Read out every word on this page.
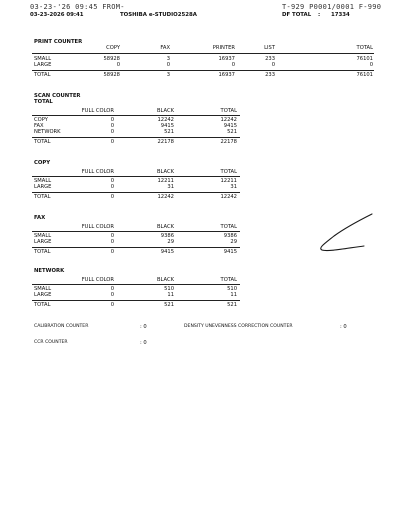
03-23-'26 09:45 FROM-	T-929 P0001/0001 F-990
03-23-2026 09:41	TOSHIBA e-STUDIO2528A	DF TOTAL : 17334
PRINT COUNTER
COPY	FAX	PRINTER	LIST	TOTAL
SMALL	58928	3	16937	233	76101
LARGE	0	0	0	0	0
TOTAL	58928	3	16937	233	76101
SCAN COUNTER
TOTAL
FULL COLOR	BLACK	TOTAL
COPY	0	12242	12242
FAX	0	9415	9415
NETWORK	0	521	521
TOTAL	0	22178	22178
COPY
FULL COLOR	BLACK	TOTAL
SMALL	0	12211	12211
LARGE	0	31	31
TOTAL	0	12242	12242
FAX
FULL COLOR	BLACK	TOTAL
SMALL	0	9386	9386
LARGE	0	29	29
TOTAL	0	9415	9415
NETWORK
FULL COLOR	BLACK	TOTAL
SMALL	0	510	510
LARGE	0	11	11
TOTAL	0	521	521
CALIBRATION COUNTER	: 0	DENSITY UNEVENNESS CORRECTION COUNTER	: 0
CCR COUNTER	: 0
